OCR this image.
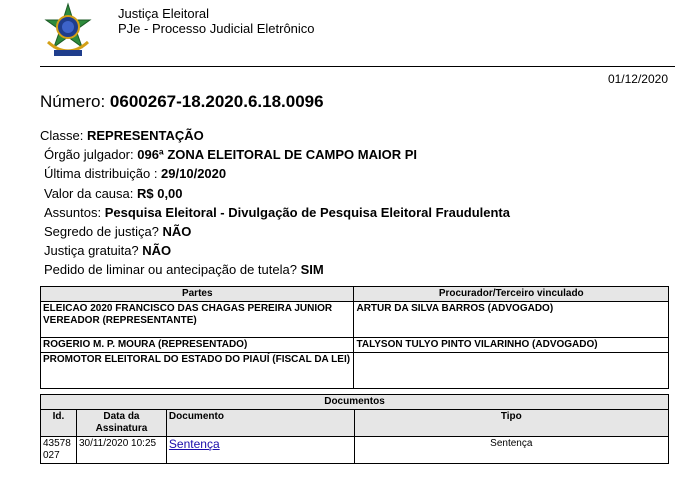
Justiça Eleitoral
PJe - Processo Judicial Eletrônico
01/12/2020
Número: 0600267-18.2020.6.18.0096
Classe: REPRESENTAÇÃO
Órgão julgador: 096ª ZONA ELEITORAL DE CAMPO MAIOR PI
Última distribuição : 29/10/2020
Valor da causa: R$ 0,00
Assuntos: Pesquisa Eleitoral - Divulgação de Pesquisa Eleitoral Fraudulenta
Segredo de justiça? NÃO
Justiça gratuita? NÃO
Pedido de liminar ou antecipação de tutela? SIM
Partes	Procurador/Terceiro vinculado
ELEICAO 2020 FRANCISCO DAS CHAGAS PEREIRA JUNIOR VEREADOR (REPRESENTANTE)	ARTUR DA SILVA BARROS (ADVOGADO)
ROGERIO M. P. MOURA (REPRESENTADO)	TALYSON TULYO PINTO VILARINHO (ADVOGADO)
PROMOTOR ELEITORAL DO ESTADO DO PIAUÍ (FISCAL DA LEI)	
Documentos			
Id.	Data da Assinatura	Documento	Tipo
43578027	30/11/2020 10:25	Sentença	Sentença
